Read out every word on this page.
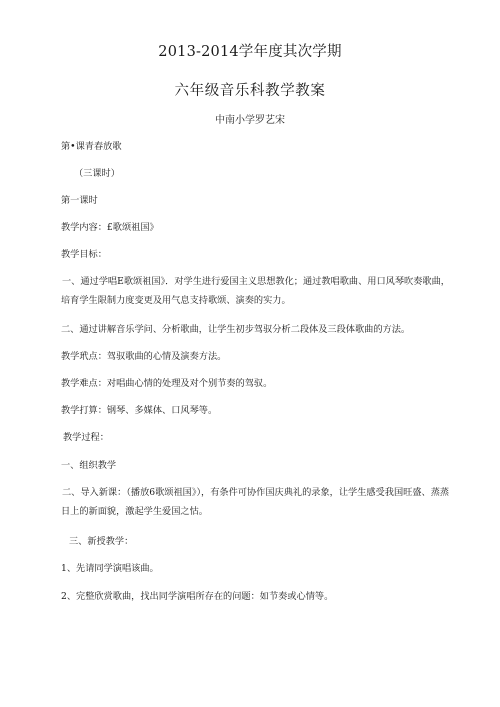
2013-2014学年度其次学期
六年级音乐科教学教案
中南小学罗艺宋
第•课青春放歌
（三课时）
第一课时
教学内容：£歌颂祖国》
教学目标：
一、通过学唱E歌颂祖国》．对学生进行爱国主义思想教化；通过教唱歌曲、用口风琴吹奏歌曲，培育学生限制力度变更及用气息支持歌颂、演奏的实力。
二、通过讲解音乐学问、分析歌曲，让学生初步驾驭分析二段体及三段体歌曲的方法。
教学玳点：驾驭歌曲的心情及演奏方法。
教学难点：对唱曲心情的处理及对个别节奏的驾驭。
教学打算：钢琴、多媒体、口风琴等。
教学过程：
一、组织教学
二、导入新课：（播放6歌颂祖国》），有条件可协作国庆典礼的录象，让学生感受我国旺盛、蒸蒸日上的新面貌，激起学生爱国之怙。
三、新授教学：
1、先请同学演唱该曲。
2、完整欣赏歌曲，找出同学演唱所存在的问题：如节奏或心情等。
